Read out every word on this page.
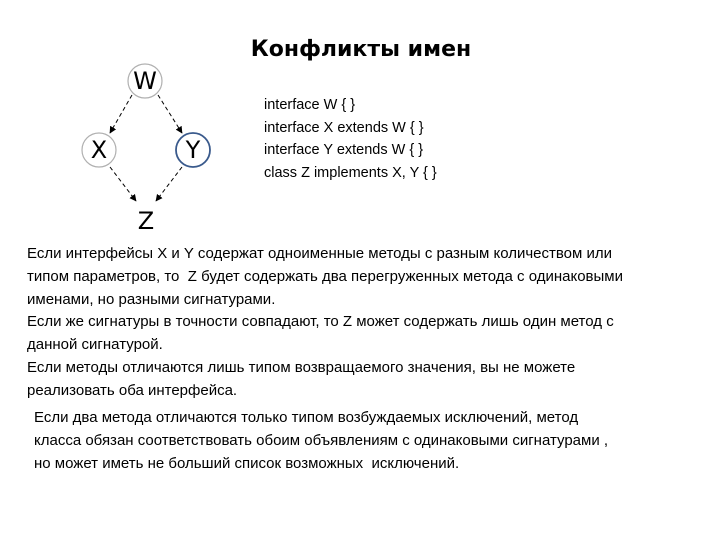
Конфликты имен
W
X	Y
Z
interface W { }
interface X extends W { }
interface Y extends W { }
class Z implements X, Y { }
Если интерфейсы X и Y содержат одноименные методы с разным количеством или
типом параметров, то  Z будет содержать два перегруженных метода с одинаковыми
именами, но разными сигнатурами.
Если же сигнатуры в точности совпадают, то Z может содержать лишь один метод с
данной сигнатурой.
Если методы отличаются лишь типом возвращаемого значения, вы не можете
реализовать оба интерфейса.
Если два метода отличаются только типом возбуждаемых исключений, метод
класса обязан соответствовать обоим объявлениям с одинаковыми сигнатурами ,
но может иметь не больший список возможных  исключений.
